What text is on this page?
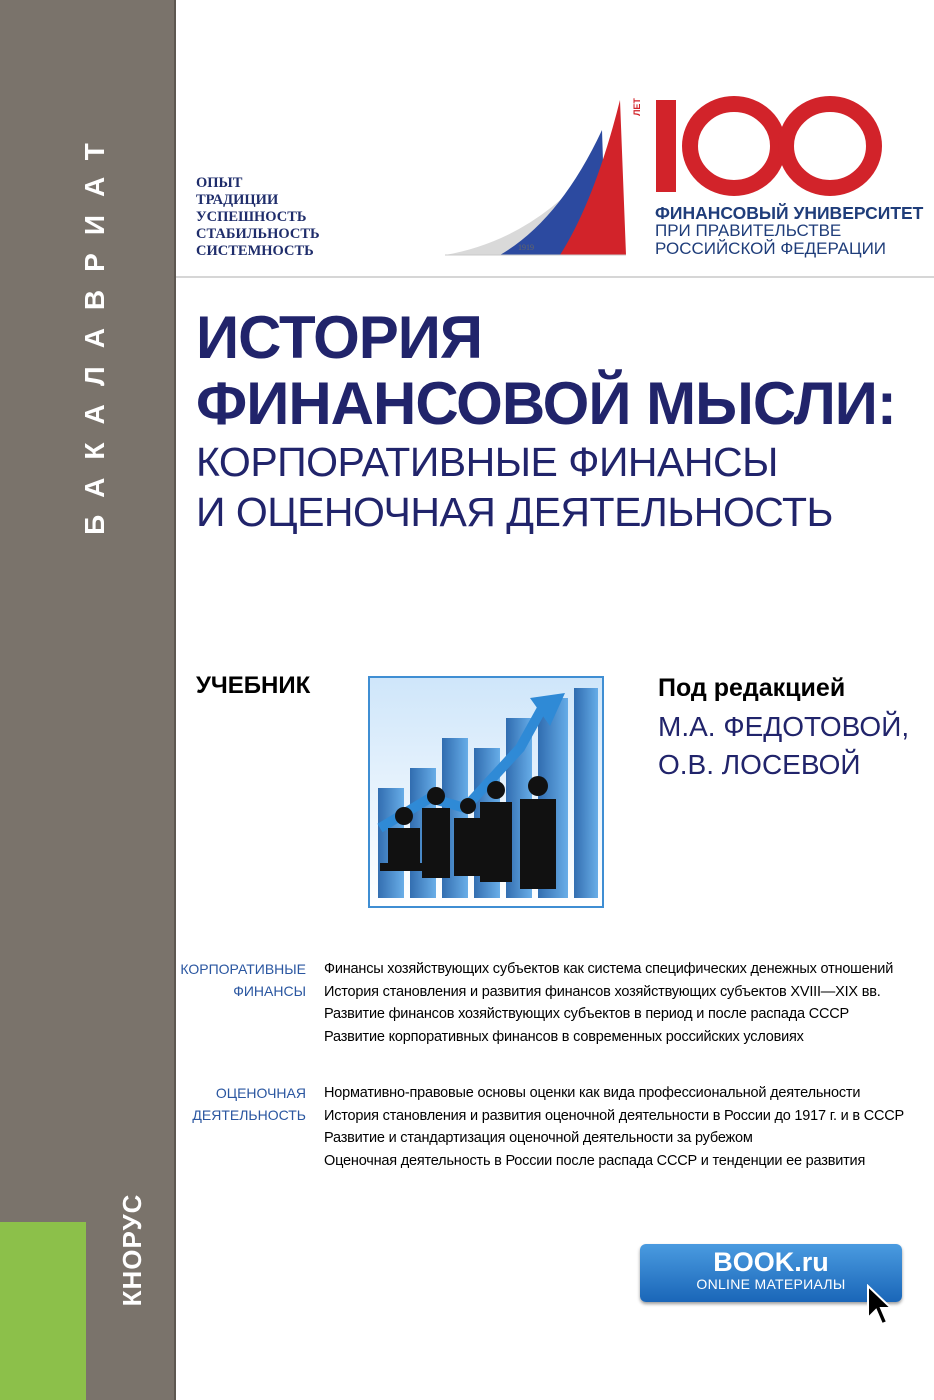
БАКАЛАВРИАТ
КНОРУС
ОПЫТ
ТРАДИЦИИ
УСПЕШНОСТЬ
СТАБИЛЬНОСТЬ
СИСТЕМНОСТЬ	1919
ЛЕТ
ФИНАНСОВЫЙ УНИВЕРСИТЕТ
ПРИ ПРАВИТЕЛЬСТВЕ
РОССИЙСКОЙ ФЕДЕРАЦИИ
ИСТОРИЯ
ФИНАНСОВОЙ МЫСЛИ:
КОРПОРАТИВНЫЕ ФИНАНСЫ
И ОЦЕНОЧНАЯ ДЕЯТЕЛЬНОСТЬ
УЧЕБНИК	Под редакцией
М.А. ФЕДОТОВОЙ,
О.В. ЛОСЕВОЙ
КОРПОРАТИВНЫЕ
ФИНАНСЫ
Финансы хозяйствующих субъектов как система специфических денежных отношений
История становления и развития финансов хозяйствующих субъектов XVIII—XIX вв.
Развитие финансов хозяйствующих субъектов в период и после распада СССР
Развитие корпоративных финансов в современных российских условиях
ОЦЕНОЧНАЯ
ДЕЯТЕЛЬНОСТЬ
Нормативно-правовые основы оценки как вида профессиональной деятельности
История становления и развития оценочной деятельности в России до 1917 г. и в СССР
Развитие и стандартизация оценочной деятельности за рубежом
Оценочная деятельность в России после распада СССР и тенденции ее развития
BOOK.ru
ONLINE МАТЕРИАЛЫ
